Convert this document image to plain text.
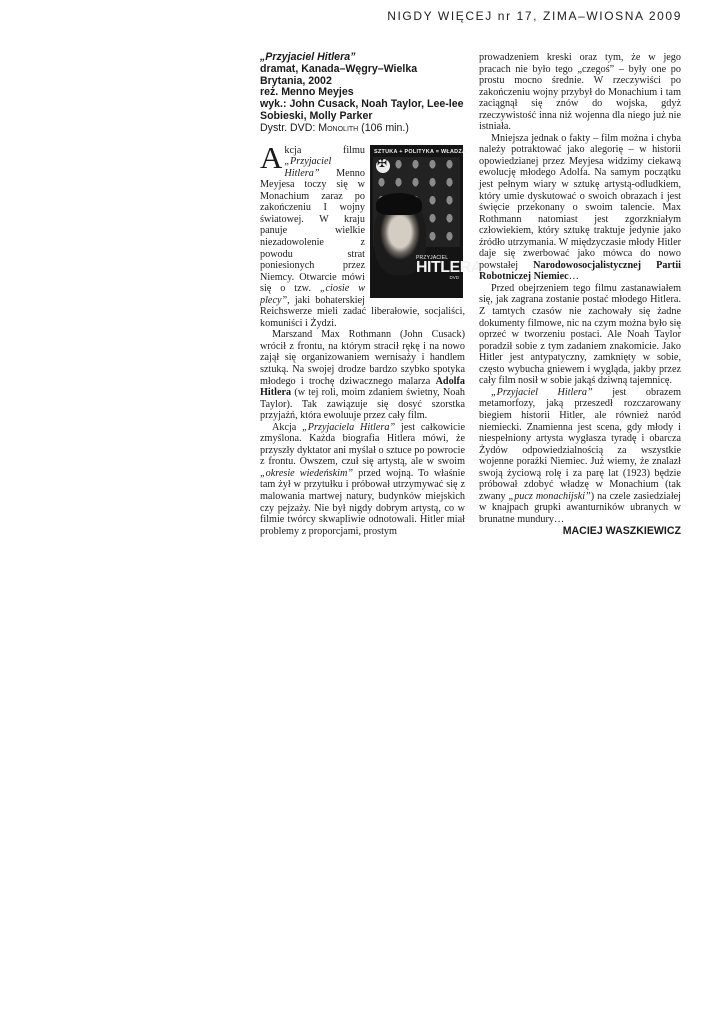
NIGDY WIĘCEJ nr 17, ZIMA–WIOSNA 2009
„Przyjaciel Hitlera”
dramat, Kanada–Węgry–Wielka Brytania, 2002
reż. Menno Meyjes
wyk.: John Cusack, Noah Taylor, Lee-lee Sobieski, Molly Parker
Dystr. DVD: Monolith (106 min.)
SZTUKA + POLITYKA = WŁADZA
✠
PRZYJACIEL
HITLERA
DVD

Akcja filmu „Przyjaciel Hitlera” Menno Meyjesa toczy się w Monachium zaraz po zakończeniu I wojny światowej. W kraju panuje wielkie niezadowolenie z powodu strat poniesionych przez Niemcy. Otwarcie mówi się o tzw. „ciosie w plecy”, jaki bohaterskiej Reichswerze mieli zadać liberałowie, socjaliści, komuniści i Żydzi.

Marszand Max Rothmann (John Cusack) wrócił z frontu, na którym stracił rękę i na nowo zajął się organizowaniem wernisaży i handlem sztuką. Na swojej drodze bardzo szybko spotyka młodego i trochę dziwacznego malarza Adolfa Hitlera (w tej roli, moim zdaniem świetny, Noah Taylor). Tak zawiązuje się dosyć szorstka przyjaźń, która ewoluuje przez cały film.

Akcja „Przyjaciela Hitlera” jest całkowicie zmyślona. Każda biografia Hitlera mówi, że przyszły dyktator ani myślał o sztuce po powrocie z frontu. Owszem, czuł się artystą, ale w swoim „okresie wiedeńskim” przed wojną. To właśnie tam żył w przytułku i próbował utrzymywać się z malowania martwej natury, budynków miejskich czy pejzaży. Nie był nigdy dobrym artystą, co w filmie twórcy skwapliwie odnotowali. Hitler miał problemy z proporcjami, prostym

prowadzeniem kreski oraz tym, że w jego pracach nie było tego „czegoś” – były one po prostu mocno średnie. W rzeczywiści po zakończeniu wojny przybył do Monachium i tam zaciągnął się znów do wojska, gdyż rzeczywistość inna niż wojenna dla niego już nie istniała.

Mniejsza jednak o fakty – film można i chyba należy potraktować jako alegorię – w historii opowiedzianej przez Meyjesa widzimy ciekawą ewolucję młodego Adolfa. Na samym początku jest pełnym wiary w sztukę artystą-odludkiem, który umie dyskutować o swoich obrazach i jest święcie przekonany o swoim talencie. Max Rothmann natomiast jest zgorzkniałym człowiekiem, który sztukę traktuje jedynie jako źródło utrzymania. W międzyczasie młody Hitler daje się zwerbować jako mówca do nowo powstałej Narodowosocjalistycznej Partii Robotniczej Niemiec…

Przed obejrzeniem tego filmu zastanawiałem się, jak zagrana zostanie postać młodego Hitlera. Z tamtych czasów nie zachowały się żadne dokumenty filmowe, nic na czym można było się oprzeć w tworzeniu postaci. Ale Noah Taylor poradził sobie z tym zadaniem znakomicie. Jako Hitler jest antypatyczny, zamknięty w sobie, często wybucha gniewem i wygląda, jakby przez cały film nosił w sobie jakąś dziwną tajemnicę.

„Przyjaciel Hitlera” jest obrazem metamorfozy, jaką przeszedł rozczarowany biegiem historii Hitler, ale również naród niemiecki. Znamienna jest scena, gdy młody i niespełniony artysta wygłasza tyradę i obarcza Żydów odpowiedzialnością za wszystkie wojenne porażki Niemiec. Już wiemy, że znalazł swoją życiową rolę i za parę lat (1923) będzie próbował zdobyć władzę w Monachium (tak zwany „pucz monachijski”) na czele zasiedziałej w knajpach grupki awanturników ubranych w brunatne mundury…

MACIEJ WASZKIEWICZ
